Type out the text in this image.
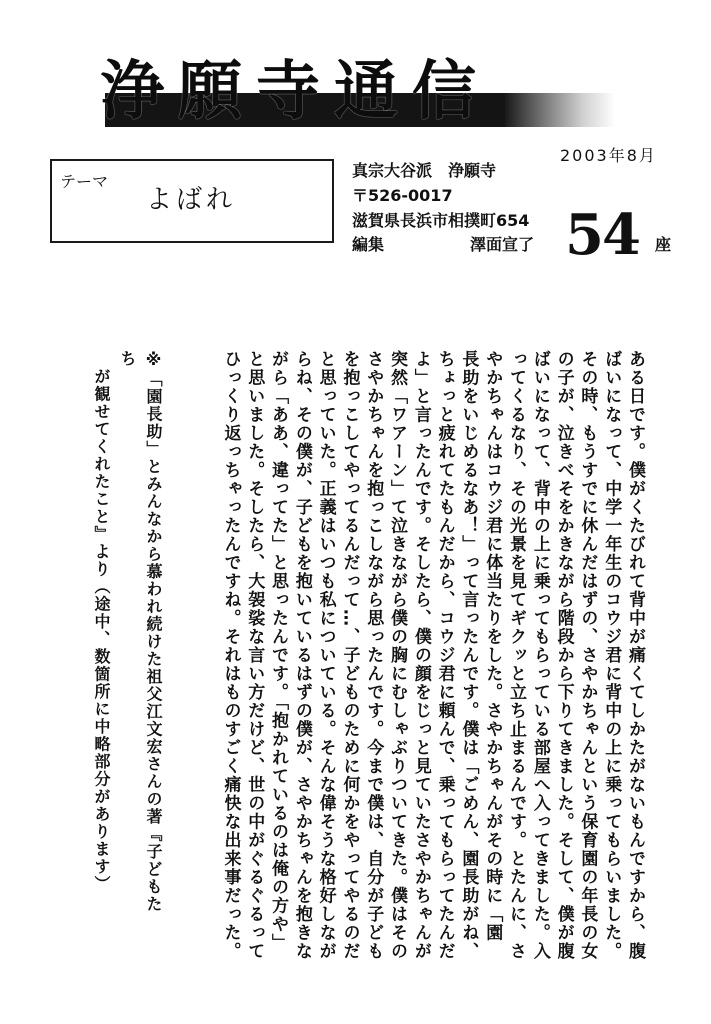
浄願寺通信
2003年8月
テーマ
よばれ
真宗大谷派　浄願寺
〒526-0017
滋賀県長浜市相撲町654
編集	澤面宣了 54 座

ある日です。僕がくたびれて背中が痛くてしかたがないもんですから、腹

ばいになって、中学一年生のコウジ君に背中の上に乗ってもらいました。

その時、もうすでに休んだはずの、さやかちゃんという保育園の年長の女

の子が、泣きべそをかきながら階段から下りてきました。そして、僕が腹

ばいになって、背中の上に乗ってもらっている部屋へ入ってきました。入

ってくるなり、その光景を見てギクッと立ち止まるんです。とたんに、さ

やかちゃんはコウジ君に体当たりをした。さやかちゃんがその時に「園

長助をいじめるなあ！」って言ったんです。僕は「ごめん、園長助がね、

ちょっと疲れてたもんだから、コウジ君に頼んで、乗ってもらってたんだ

よ」と言ったんです。そしたら、僕の顔をじっと見ていたさやかちゃんが

突然「ワアーン」て泣きながら僕の胸にむしゃぶりついてきた。僕はその

さやかちゃんを抱っこしながら思ったんです。今まで僕は、自分が子ども

を抱っこしてやってるんだって…、子どものために何かをやってやるのだ

と思っていた。正義はいつも私についている。そんな偉そうな格好しなが

らね、その僕が、子どもを抱いているはずの僕が、さやかちゃんを抱きな

がら「ああ、違ってた」と思ったんです。「抱かれているのは俺の方や」

と思いました。そしたら、大袈裟な言い方だけど、世の中がぐるぐるって

ひっくり返っちゃったんですね。それはものすごく痛快な出来事だった。

※「園長助」とみんなから慕われ続けた祖父江文宏さんの著『子どもたち

が観せてくれたこと』より（途中、数箇所に中略部分があります）
